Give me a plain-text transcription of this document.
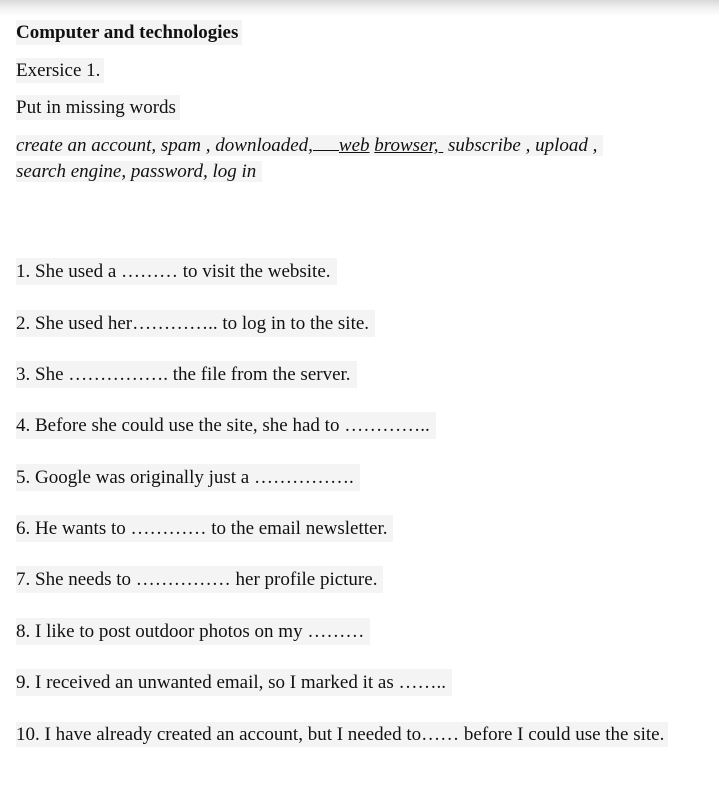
Computer and technologies
Exersice 1.
Put in missing words
create an account, spam , downloaded, web browser, subscribe , upload ,
search engine, password, log in
1. She used a ……… to visit the website.
2. She used her………….. to log in to the site.
3. She ……………. the file from the server.
4. Before she could use the site, she had to …………..
5. Google was originally just a …………….
6. He wants to ………… to the email newsletter.
7. She needs to …………… her profile picture.
8. I like to post outdoor photos on my ………
9. I received an unwanted email, so I marked it as ……..
10. I have already created an account, but I needed to…… before I could use the site.
